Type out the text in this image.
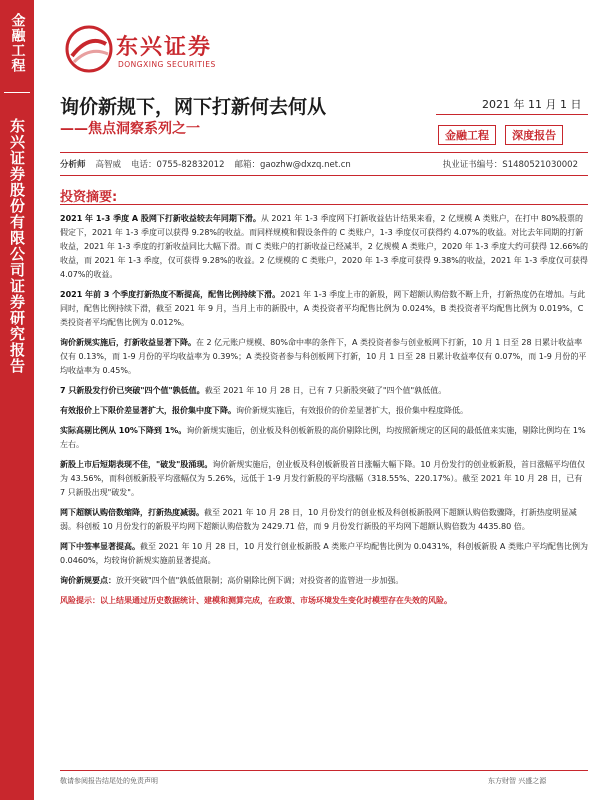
金融工程
东兴证券股份有限公司证券研究报告
东兴证券
DONGXING SECURITIES
询价新规下，网下打新何去何从
——焦点洞察系列之一
2021 年 11 月 1 日
金融工程 深度报告
分析师 高智威 电话：0755-82832012 邮箱：gaozhw@dxzq.net.cn	执业证书编号：S1480521030002
投资摘要:

2021 年 1-3 季度 A 股网下打新收益较去年同期下滑。从 2021 年 1-3 季度网下打新收益估计结果来看，2 亿规模 A 类账户，在打中 80%股票的假定下，2021 年 1-3 季度可以获得 9.28%的收益。而同样规模和假设条件的 C 类账户，1-3 季度仅可获得约 4.07%的收益。对比去年同期的打新收益，2021 年 1-3 季度的打新收益同比大幅下滑。而 C 类账户的打新收益已经减半，2 亿规模 A 类账户，2020 年 1-3 季度大约可获得 12.66%的收益，而 2021 年 1-3 季度，仅可获得 9.28%的收益。2 亿规模的 C 类账户，2020 年 1-3 季度可获得 9.38%的收益，2021 年 1-3 季度仅可获得 4.07%的收益。

2021 年前 3 个季度打新热度不断提高，配售比例持续下滑。2021 年 1-3 季度上市的新股，网下超额认购倍数不断上升，打新热度仍在增加。与此同时，配售比例持续下滑，截至 2021 年 9 月，当月上市的新股中，A 类投资者平均配售比例为 0.024%，B 类投资者平均配售比例为 0.019%，C 类投资者平均配售比例为 0.012%。

询价新规实施后，打新收益显著下降。在 2 亿元账户规模、80%命中率的条件下，A 类投资者参与创业板网下打新，10 月 1 日至 28 日累计收益率仅有 0.13%，而 1-9 月份的平均收益率为 0.39%；A 类投资者参与科创板网下打新，10 月 1 日至 28 日累计收益率仅有 0.07%，而 1-9 月份的平均收益率为 0.45%。

7 只新股发行价已突破"四个值"孰低值。截至 2021 年 10 月 28 日，已有 7 只新股突破了"四个值"孰低值。

有效报价上下限价差显著扩大，报价集中度下降。询价新规实施后，有效报价的价差显著扩大，报价集中程度降低。

实际高剔比例从 10%下降到 1%。询价新规实施后，创业板及科创板新股的高价剔除比例，均按照新规定的区间的最低值来实施，剔除比例均在 1%左右。

新股上市后短期表现不佳，"破发"股涌现。询价新规实施后，创业板及科创板新股首日涨幅大幅下降。10 月份发行的创业板新股，首日涨幅平均值仅为 43.56%，而科创板新股平均涨幅仅为 5.26%，远低于 1-9 月发行新股的平均涨幅（318.55%、220.17%）。截至 2021 年 10 月 28 日，已有 7 只新股出现"破发"。

网下超额认购倍数缩降，打新热度减弱。截至 2021 年 10 月 28 日，10 月份发行的创业板及科创板新股网下超额认购倍数骤降，打新热度明显减弱。科创板 10 月份发行的新股平均网下超额认购倍数为 2429.71 倍，而 9 月份发行新股的平均网下超额认购倍数为 4435.80 倍。

网下中签率显著提高。截至 2021 年 10 月 28 日，10 月发行创业板新股 A 类账户平均配售比例为 0.0431%，科创板新股 A 类账户平均配售比例为 0.0460%，均较询价新规实施前显著提高。

询价新规要点：放开突破"四个值"孰低值限制；高价剔除比例下调；对投资者的监管进一步加强。

风险提示：以上结果通过历史数据统计、建模和测算完成，在政策、市场环境发生变化时模型存在失效的风险。

敬请参阅报告结尾处的免责声明	东方财智 兴盛之源
